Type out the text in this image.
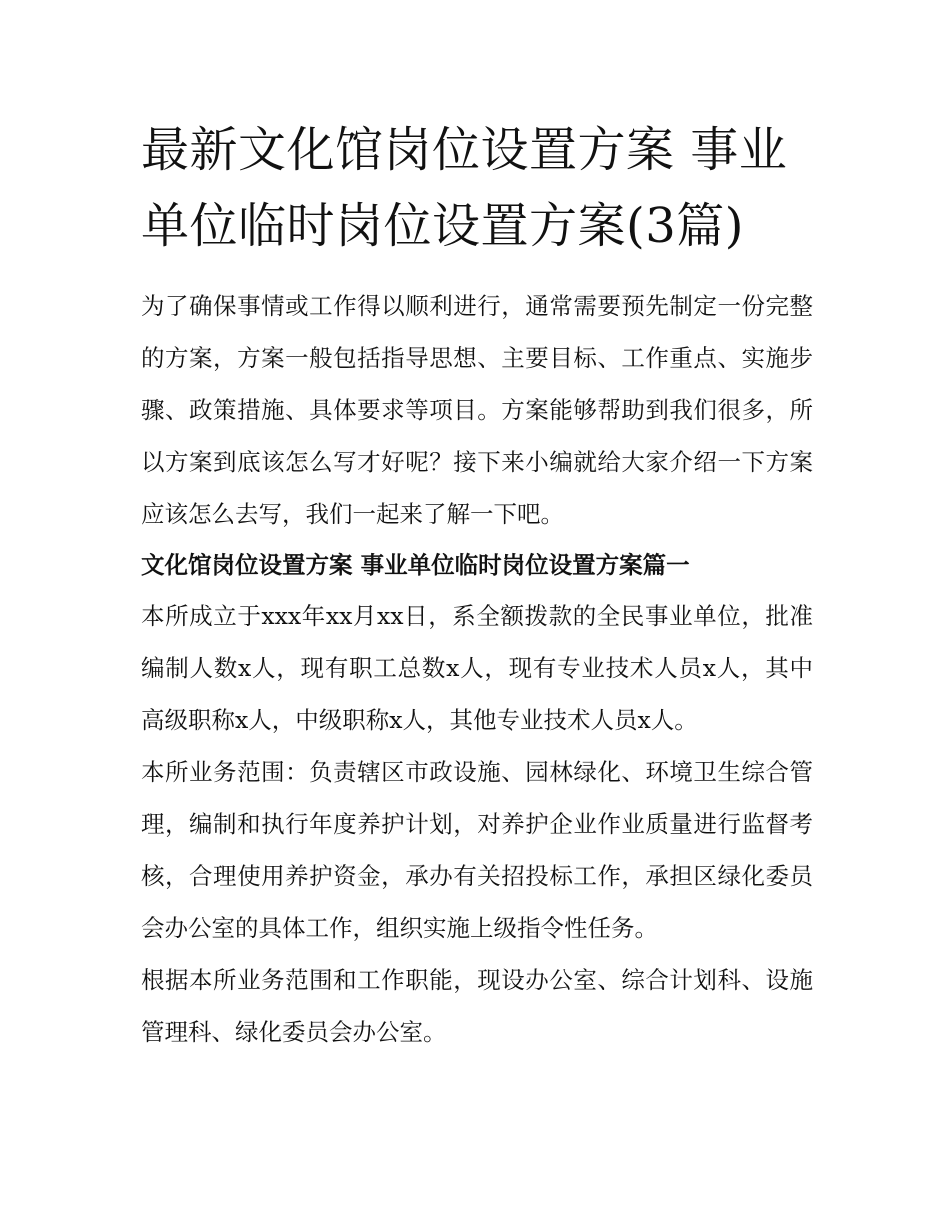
最新文化馆岗位设置方案 事业单位临时岗位设置方案(3篇)

为了确保事情或工作得以顺利进行，通常需要预先制定一份完整的方案，方案一般包括指导思想、主要目标、工作重点、实施步骤、政策措施、具体要求等项目。方案能够帮助到我们很多，所以方案到底该怎么写才好呢？接下来小编就给大家介绍一下方案应该怎么去写，我们一起来了解一下吧。

文化馆岗位设置方案 事业单位临时岗位设置方案篇一

本所成立于xxx年xx月xx日，系全额拨款的全民事业单位，批准编制人数x人，现有职工总数x人，现有专业技术人员x人，其中高级职称x人，中级职称x人，其他专业技术人员x人。

本所业务范围：负责辖区市政设施、园林绿化、环境卫生综合管理，编制和执行年度养护计划，对养护企业作业质量进行监督考核，合理使用养护资金，承办有关招投标工作，承担区绿化委员会办公室的具体工作，组织实施上级指令性任务。

根据本所业务范围和工作职能，现设办公室、综合计划科、设施管理科、绿化委员会办公室。
